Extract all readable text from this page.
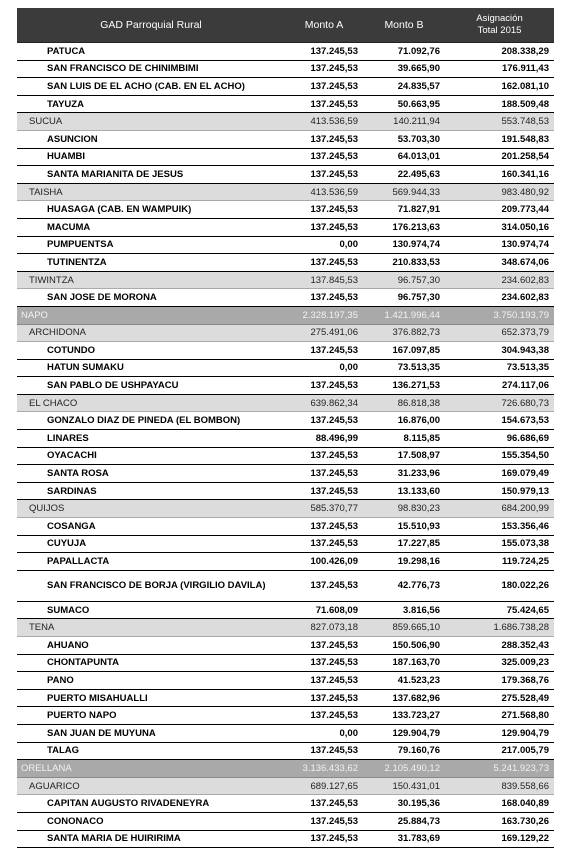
GAD Parroquial Rural	Monto A	Monto B	Asignación
Total 2015
PATUCA	137.245,53	71.092,76	208.338,29
SAN FRANCISCO DE CHINIMBIMI	137.245,53	39.665,90	176.911,43
SAN LUIS DE EL ACHO (CAB. EN EL ACHO)	137.245,53	24.835,57	162.081,10
TAYUZA	137.245,53	50.663,95	188.509,48
SUCUA	413.536,59	140.211,94	553.748,53
ASUNCION	137.245,53	53.703,30	191.548,83
HUAMBI	137.245,53	64.013,01	201.258,54
SANTA MARIANITA DE JESUS	137.245,53	22.495,63	160.341,16
TAISHA	413.536,59	569.944,33	983.480,92
HUASAGA (CAB. EN WAMPUIK)	137.245,53	71.827,91	209.773,44
MACUMA	137.245,53	176.213,63	314.050,16
PUMPUENTSA	0,00	130.974,74	130.974,74
TUTINENTZA	137.245,53	210.833,53	348.674,06
TIWINTZA	137.845,53	96.757,30	234.602,83
SAN JOSE DE MORONA	137.245,53	96.757,30	234.602,83
NAPO	2.328.197,35	1.421.996,44	3.750.193,79
ARCHIDONA	275.491,06	376.882,73	652.373,79
COTUNDO	137.245,53	167.097,85	304.943,38
HATUN SUMAKU	0,00	73.513,35	73.513,35
SAN PABLO DE USHPAYACU	137.245,53	136.271,53	274.117,06
EL CHACO	639.862,34	86.818,38	726.680,73
GONZALO DIAZ DE PINEDA (EL BOMBON)	137.245,53	16.876,00	154.673,53
LINARES	88.496,99	8.115,85	96.686,69
OYACACHI	137.245,53	17.508,97	155.354,50
SANTA ROSA	137.245,53	31.233,96	169.079,49
SARDINAS	137.245,53	13.133,60	150.979,13
QUIJOS	585.370,77	98.830,23	684.200,99
COSANGA	137.245,53	15.510,93	153.356,46
CUYUJA	137.245,53	17.227,85	155.073,38
PAPALLACTA	100.426,09	19.298,16	119.724,25
SAN FRANCISCO DE BORJA (VIRGILIO DAVILA)	137.245,53	42.776,73	180.022,26
SUMACO	71.608,09	3.816,56	75.424,65
TENA	827.073,18	859.665,10	1.686.738,28
AHUANO	137.245,53	150.506,90	288.352,43
CHONTAPUNTA	137.245,53	187.163,70	325.009,23
PANO	137.245,53	41.523,23	179.368,76
PUERTO MISAHUALLI	137.245,53	137.682,96	275.528,49
PUERTO NAPO	137.245,53	133.723,27	271.568,80
SAN JUAN DE MUYUNA	0,00	129.904,79	129.904,79
TALAG	137.245,53	79.160,76	217.005,79
ORELLANA	3.136.433,62	2.105.490,12	5.241.923,73
AGUARICO	689.127,65	150.431,01	839.558,66
CAPITAN AUGUSTO RIVADENEYRA	137.245,53	30.195,36	168.040,89
CONONACO	137.245,53	25.884,73	163.730,26
SANTA MARIA DE HUIRIRIMA	137.245,53	31.783,69	169.129,22
